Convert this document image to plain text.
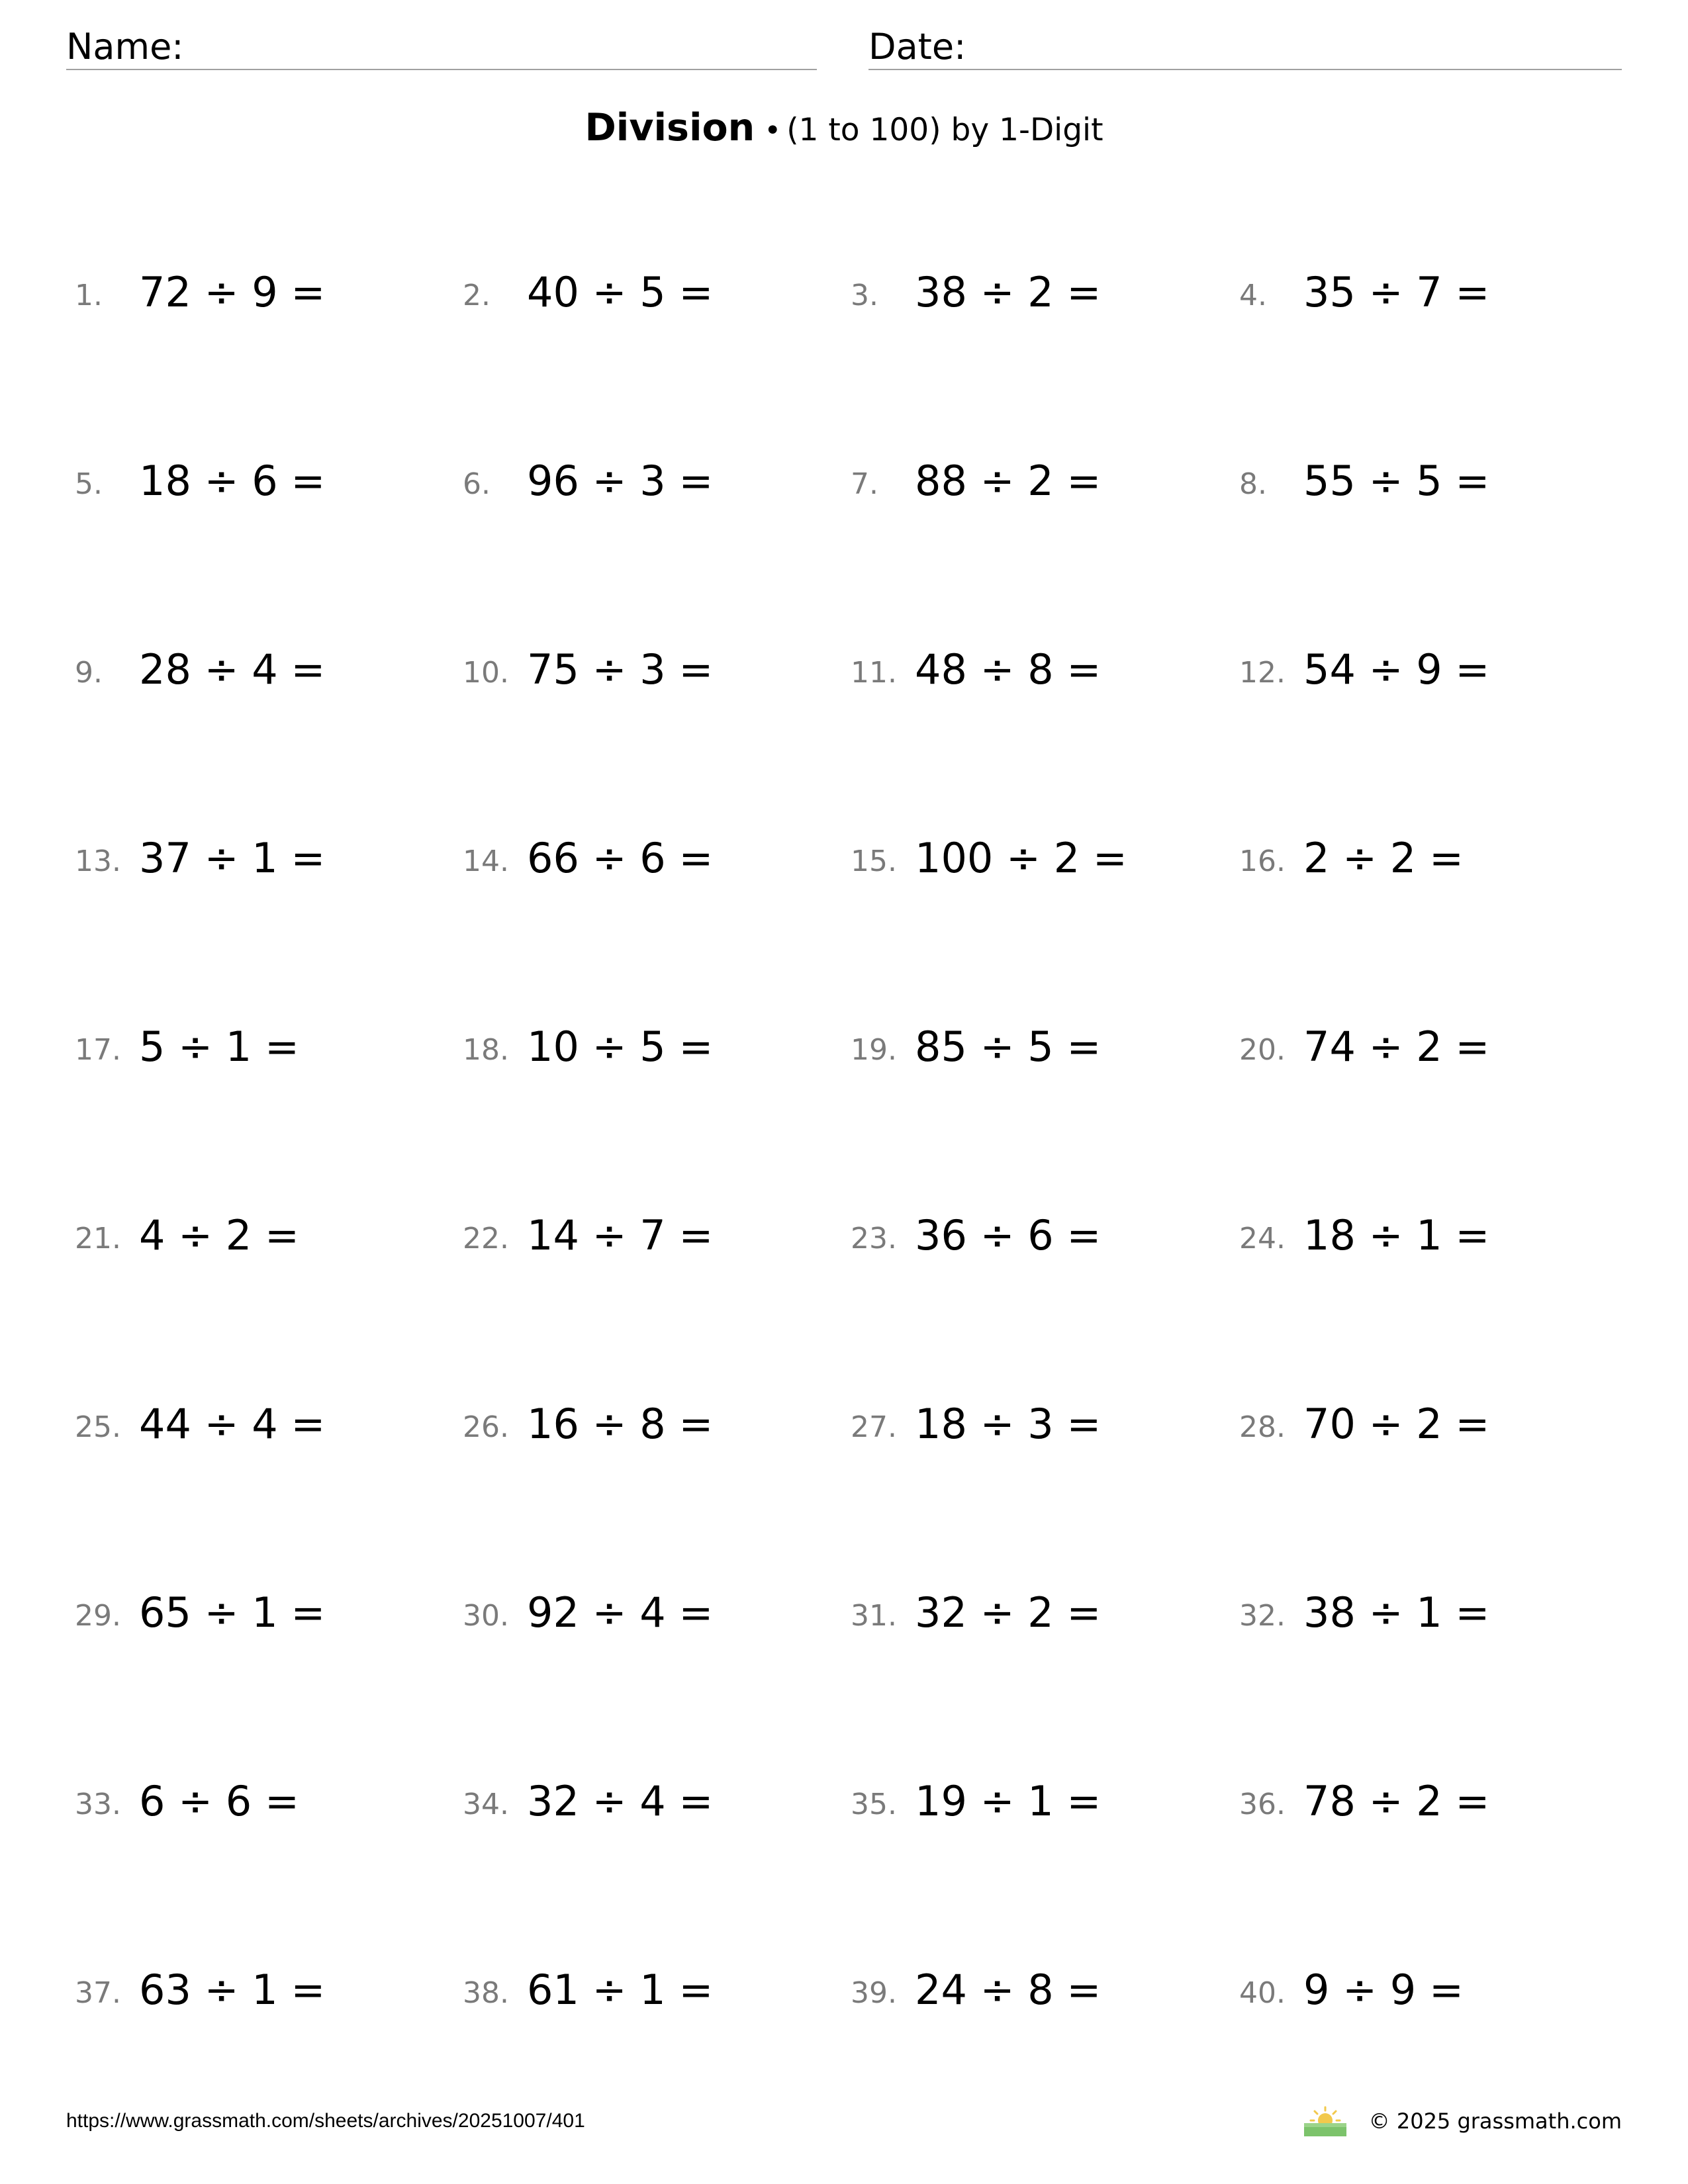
Name:	Date:
Division • (1 to 100) by 1-Digit
1. 72 ÷ 9 =	2. 40 ÷ 5 =	3. 38 ÷ 2 =	4. 35 ÷ 7 =
5. 18 ÷ 6 =	6. 96 ÷ 3 =	7. 88 ÷ 2 =	8. 55 ÷ 5 =
9. 28 ÷ 4 =	10. 75 ÷ 3 =	11. 48 ÷ 8 =	12. 54 ÷ 9 =
13. 37 ÷ 1 =	14. 66 ÷ 6 =	15. 100 ÷ 2 =	16. 2 ÷ 2 =
17. 5 ÷ 1 =	18. 10 ÷ 5 =	19. 85 ÷ 5 =	20. 74 ÷ 2 =
21. 4 ÷ 2 =	22. 14 ÷ 7 =	23. 36 ÷ 6 =	24. 18 ÷ 1 =
25. 44 ÷ 4 =	26. 16 ÷ 8 =	27. 18 ÷ 3 =	28. 70 ÷ 2 =
29. 65 ÷ 1 =	30. 92 ÷ 4 =	31. 32 ÷ 2 =	32. 38 ÷ 1 =
33. 6 ÷ 6 =	34. 32 ÷ 4 =	35. 19 ÷ 1 =	36. 78 ÷ 2 =
37. 63 ÷ 1 =	38. 61 ÷ 1 =	39. 24 ÷ 8 =	40. 9 ÷ 9 =
https://www.grassmath.com/sheets/archives/20251007/401	© 2025 grassmath.com
